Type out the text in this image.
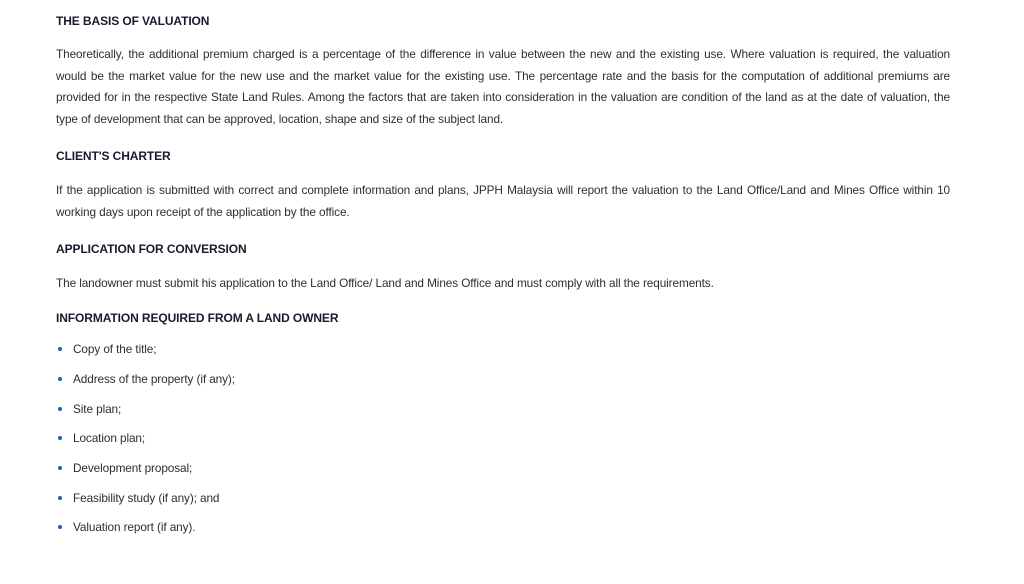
THE BASIS OF VALUATION

Theoretically, the additional premium charged is a percentage of the difference in value between the new and the existing use. Where valuation is required, the valuation would be the market value for the new use and the market value for the existing use. The percentage rate and the basis for the computation of additional premiums are provided for in the respective State Land Rules. Among the factors that are taken into consideration in the valuation are condition of the land as at the date of valuation, the type of development that can be approved, location, shape and size of the subject land.

CLIENT'S CHARTER

If the application is submitted with correct and complete information and plans, JPPH Malaysia will report the valuation to the Land Office/Land and Mines Office within 10 working days upon receipt of the application by the office.

APPLICATION FOR CONVERSION

The landowner must submit his application to the Land Office/ Land and Mines Office and must comply with all the requirements.

INFORMATION REQUIRED FROM A LAND OWNER
Copy of the title;
Address of the property (if any);
Site plan;
Location plan;
Development proposal;
Feasibility study (if any); and
Valuation report (if any).
